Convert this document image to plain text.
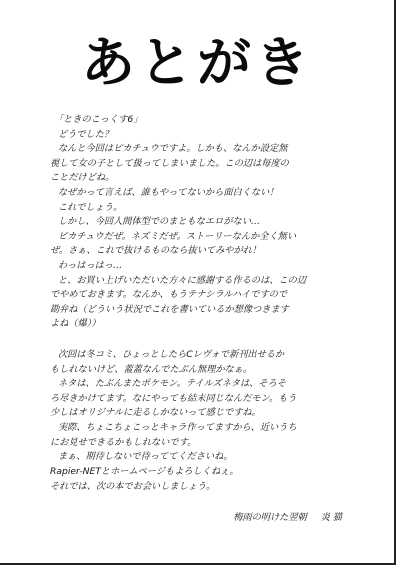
あとがき
「ときのこっくす6」
どうでした？
なんと今回はピカチュウですよ。しかも、なんか設定無
視して女の子として扱ってしまいました。この辺は毎度の
ことだけどね。
なぜかって言えば、誰もやってないから面白くない！
これでしょう。
しかし、今回人間体型でのまともなエロがない…
ピカチュウだぜ。ネズミだぜ。ストーリーなんか全く無い
ぜ。さぁ、これで抜けるものなら抜いてみやがれ！
わっはっはっ…
と、お買い上げいただいた方々に感謝する作るのは、この辺
でやめておきます。なんか、もうテナシラルハイですので
勘弁ね（どういう状況でこれを書いているか想像つきます
よね（爆））
次回は冬コミ、ひょっとしたらCレヴォで新刊出せるか
もしれないけど、蓋蓋なんでたぶん無理かなぁ。
ネタは、たぶんまたポケモン。テイルズネタは、そろそ
ろ尽きかけてます。なにやっても結末同じなんだモン。もう
少しはオリジナルに走るしかないって感じですね。
実際、ちょこちょこっとキャラ作ってますから、近いうち
にお見せできるかもしれないです。
まぁ、期待しないで待っててくださいね。
Rapier-NETとホームページもよろしくねぇ。
それでは、次の本でお会いしましょう。
梅雨の明けた翌朝 炎 猫
